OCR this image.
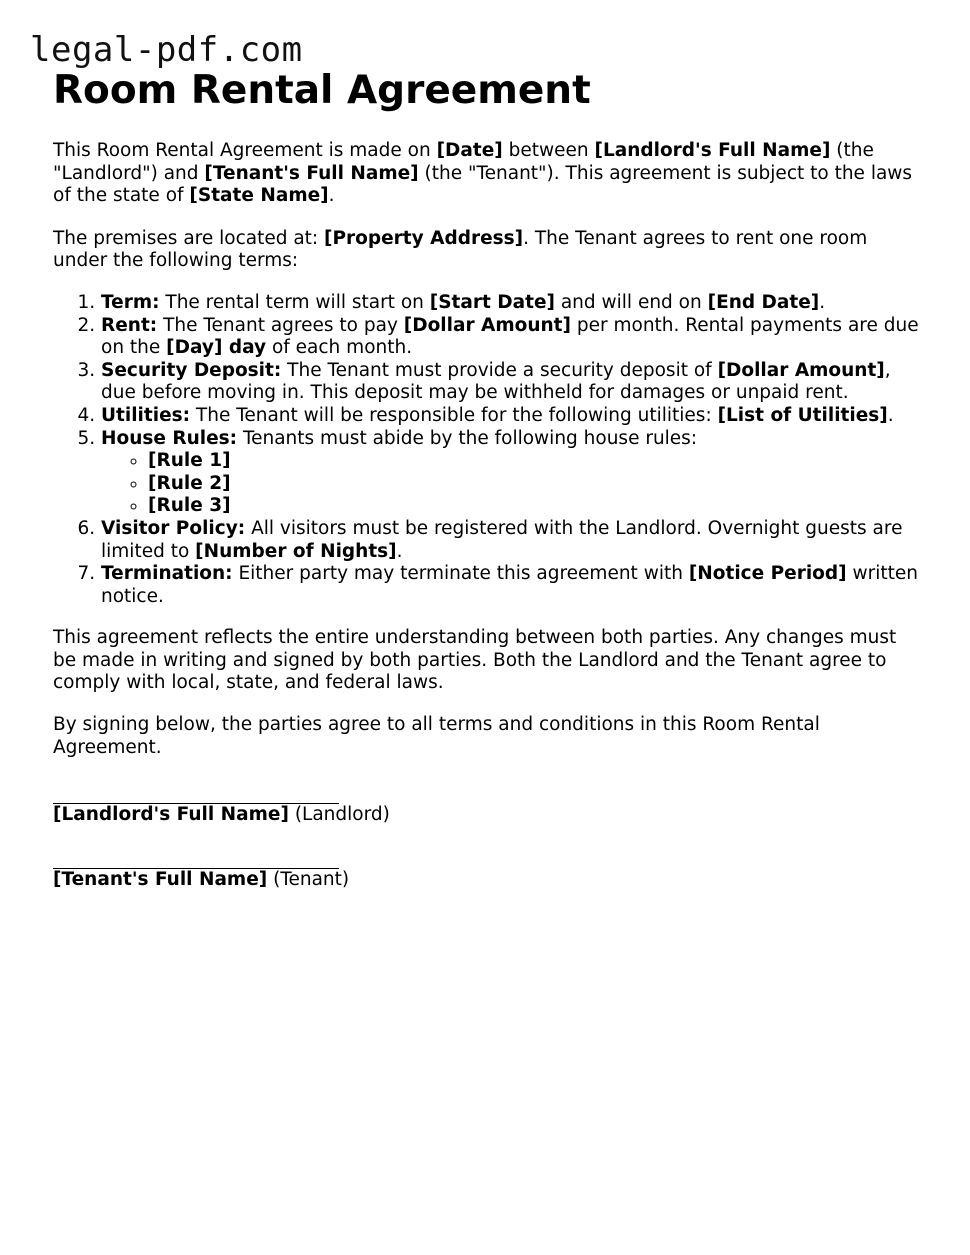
legal-pdf.com
Room Rental Agreement

This Room Rental Agreement is made on [Date] between [Landlord's Full Name] (the "Landlord") and [Tenant's Full Name] (the "Tenant"). This agreement is subject to the laws of the state of [State Name].

The premises are located at: [Property Address]. The Tenant agrees to rent one room under the following terms:

1. Term: The rental term will start on [Start Date] and will end on [End Date].
2. Rent: The Tenant agrees to pay [Dollar Amount] per month. Rental payments are due on the [Day] day of each month.
3. Security Deposit: The Tenant must provide a security deposit of [Dollar Amount], due before moving in. This deposit may be withheld for damages or unpaid rent.
4. Utilities: The Tenant will be responsible for the following utilities: [List of Utilities].
5. House Rules: Tenants must abide by the following house rules:
◦ [Rule 1]
◦ [Rule 2]
◦ [Rule 3]
6. Visitor Policy: All visitors must be registered with the Landlord. Overnight guests are limited to [Number of Nights].
7. Termination: Either party may terminate this agreement with [Notice Period] written notice.

This agreement reflects the entire understanding between both parties. Any changes must be made in writing and signed by both parties. Both the Landlord and the Tenant agree to comply with local, state, and federal laws.

By signing below, the parties agree to all terms and conditions in this Room Rental Agreement.

[Landlord's Full Name] (Landlord)
[Tenant's Full Name] (Tenant)
